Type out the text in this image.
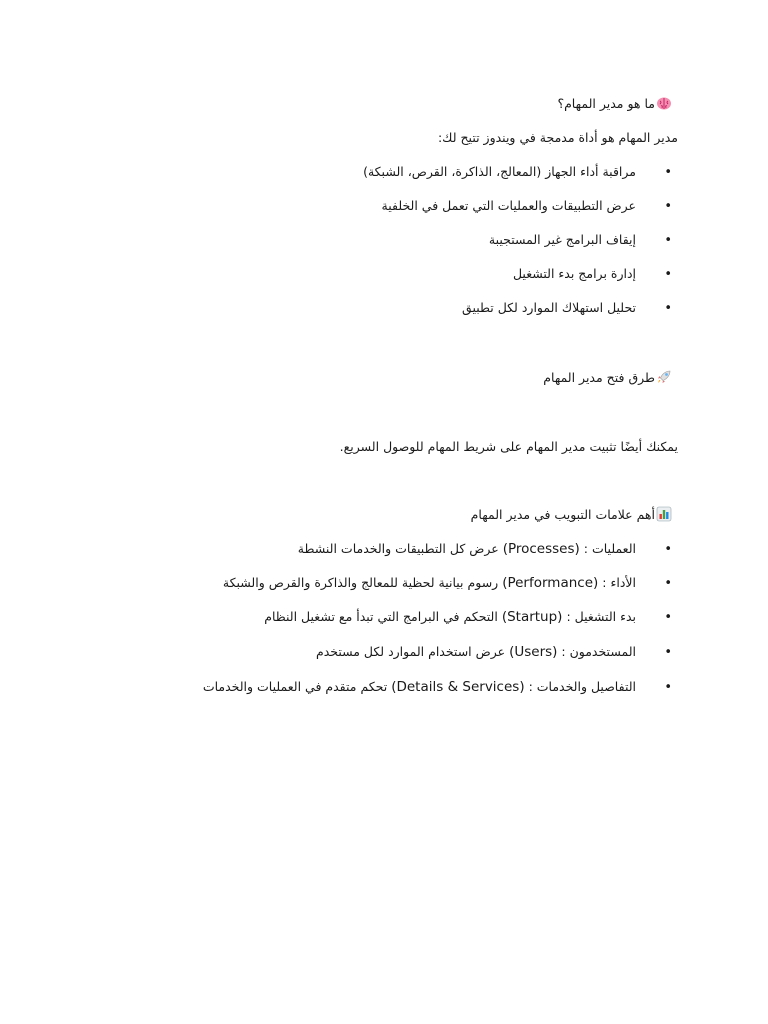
ما هو مدير المهام؟
مدير المهام هو أداة مدمجة في ويندوز تتيح لك:
•مراقبة أداء الجهاز (المعالج، الذاكرة، القرص، الشبكة)
•عرض التطبيقات والعمليات التي تعمل في الخلفية
•إيقاف البرامج غير المستجيبة
•إدارة برامج بدء التشغيل
•تحليل استهلاك الموارد لكل تطبيق
طرق فتح مدير المهام
يمكنك أيضًا تثبيت مدير المهام على شريط المهام للوصول السريع.
أهم علامات التبويب في مدير المهام
•العمليات : (Processes) عرض كل التطبيقات والخدمات النشطة
•الأداء : (Performance) رسوم بيانية لحظية للمعالج والذاكرة والقرص والشبكة
•بدء التشغيل : (Startup) التحكم في البرامج التي تبدأ مع تشغيل النظام
•المستخدمون : (Users) عرض استخدام الموارد لكل مستخدم
•التفاصيل والخدمات : (Details & Services) تحكم متقدم في العمليات والخدمات
